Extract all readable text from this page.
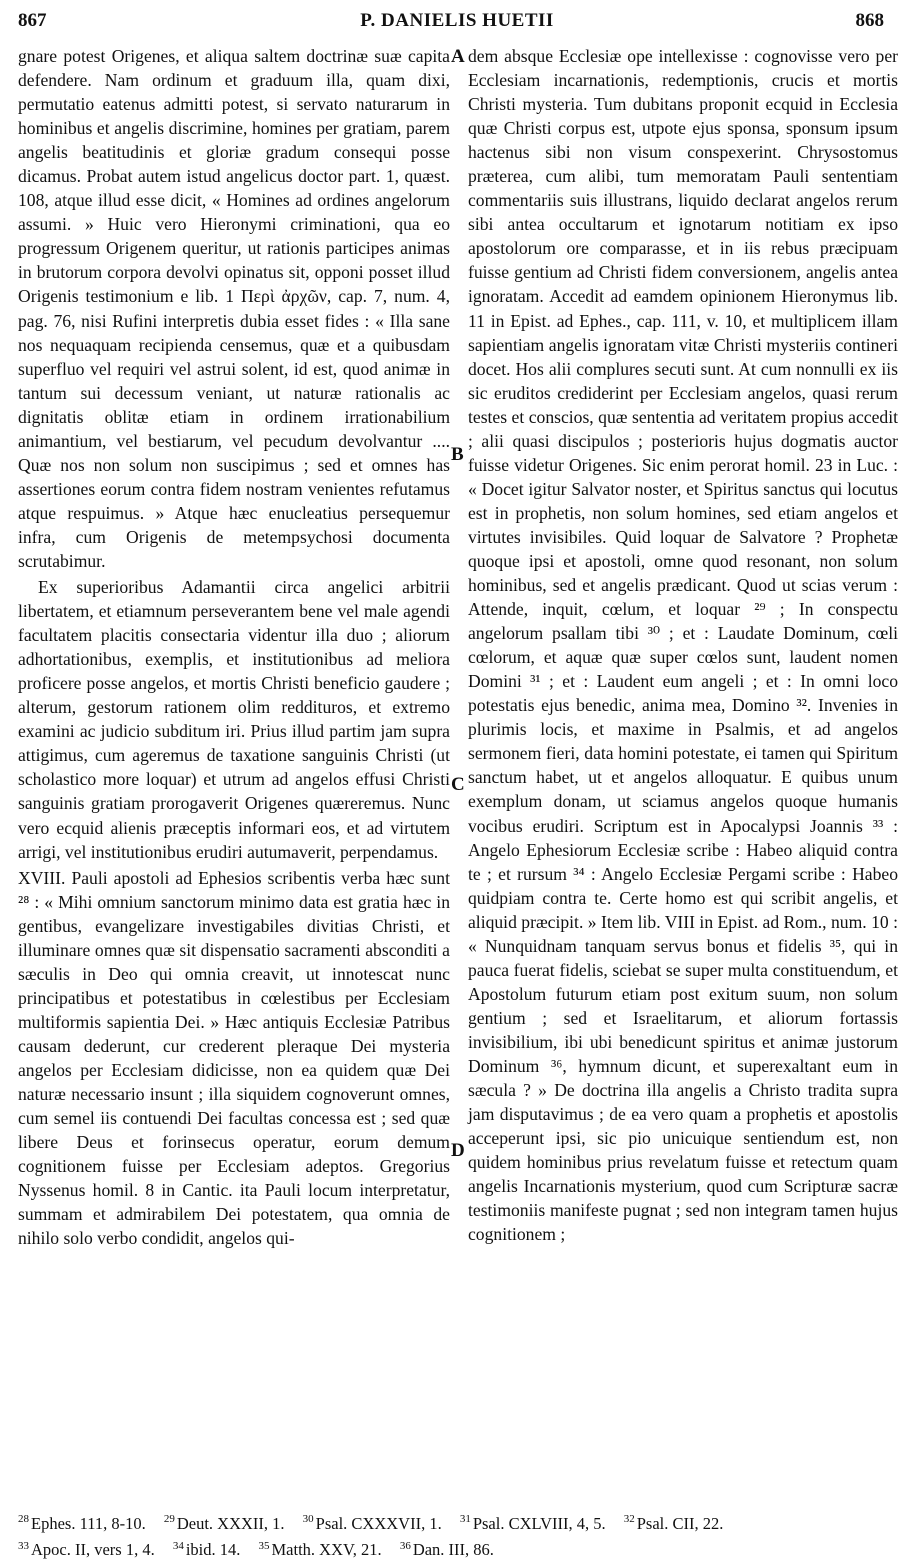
867	P. DANIELIS HUETII	868

gnare potest Origenes, et aliqua saltem doctrinæ suæ capita defendere. Nam ordinum et graduum illa, quam dixi, permutatio eatenus admitti potest, si servato naturarum in hominibus et angelis discrimine, homines per gratiam, parem angelis beatitudinis et gloriæ gradum consequi posse dicamus. Probat autem istud angelicus doctor part. 1, quæst. 108, atque illud esse dicit, « Homines ad ordines angelorum assumi. » Huic vero Hieronymi criminationi, qua eo progressum Origenem queritur, ut rationis participes animas in brutorum corpora devolvi opinatus sit, opponi posset illud Origenis testimonium e lib. 1 Περὶ ἀρχῶν, cap. 7, num. 4, pag. 76, nisi Rufini interpretis dubia esset fides : « Illa sane nos nequaquam recipienda censemus, quæ et a quibusdam superfluo vel requiri vel astrui solent, id est, quod animæ in tantum sui decessum veniant, ut naturæ rationalis ac dignitatis oblitæ etiam in ordinem irrationabilium animantium, vel bestiarum, vel pecudum devolvantur .... Quæ nos non solum non suscipimus ; sed et omnes has assertiones eorum contra fidem nostram venientes refutamus atque respuimus. » Atque hæc enucleatius persequemur infra, cum Origenis de metempsychosi documenta scrutabimur.

Ex superioribus Adamantii circa angelici arbitrii libertatem, et etiamnum perseverantem bene vel male agendi facultatem placitis consectaria videntur illa duo ; aliorum adhortationibus, exemplis, et institutionibus ad meliora proficere posse angelos, et mortis Christi beneficio gaudere ; alterum, gestorum rationem olim reddituros, et extremo examini ac judicio subditum iri. Prius illud partim jam supra attigimus, cum ageremus de taxatione sanguinis Christi (ut scholastico more loquar) et utrum ad angelos effusi Christi sanguinis gratiam prorogaverit Origenes quæreremus. Nunc vero ecquid alienis præceptis informari eos, et ad virtutem arrigi, vel institutionibus erudiri autumaverit, perpendamus.

XVIII. Pauli apostoli ad Ephesios scribentis verba hæc sunt ²⁸ : « Mihi omnium sanctorum minimo data est gratia hæc in gentibus, evangelizare investigabiles divitias Christi, et illuminare omnes quæ sit dispensatio sacramenti absconditi a sæculis in Deo qui omnia creavit, ut innotescat nunc principatibus et potestatibus in cœlestibus per Ecclesiam multiformis sapientia Dei. » Hæc antiquis Ecclesiæ Patribus causam dederunt, cur crederent pleraque Dei mysteria angelos per Ecclesiam didicisse, non ea quidem quæ Dei naturæ necessario insunt ; illa siquidem cognoverunt omnes, cum semel iis contuendi Dei facultas concessa est ; sed quæ libere Deus et forinsecus operatur, eorum demum cognitionem fuisse per Ecclesiam adeptos. Gregorius Nyssenus homil. 8 in Cantic. ita Pauli locum interpretatur, summam et admirabilem Dei potestatem, qua omnia de nihilo solo verbo condidit, angelos qui-

A
B
C
D

dem absque Ecclesiæ ope intellexisse : cognovisse vero per Ecclesiam incarnationis, redemptionis, crucis et mortis Christi mysteria. Tum dubitans proponit ecquid in Ecclesia quæ Christi corpus est, utpote ejus sponsa, sponsum ipsum hactenus sibi non visum conspexerint. Chrysostomus præterea, cum alibi, tum memoratam Pauli sententiam commentariis suis illustrans, liquido declarat angelos rerum sibi antea occultarum et ignotarum notitiam ex ipso apostolorum ore comparasse, et in iis rebus præcipuam fuisse gentium ad Christi fidem conversionem, angelis antea ignoratam. Accedit ad eamdem opinionem Hieronymus lib. 11 in Epist. ad Ephes., cap. 111, v. 10, et multiplicem illam sapientiam angelis ignoratam vitæ Christi mysteriis contineri docet. Hos alii complures secuti sunt. At cum nonnulli ex iis sic eruditos crediderint per Ecclesiam angelos, quasi rerum testes et conscios, quæ sententia ad veritatem propius accedit ; alii quasi discipulos ; posterioris hujus dogmatis auctor fuisse videtur Origenes. Sic enim perorat homil. 23 in Luc. : « Docet igitur Salvator noster, et Spiritus sanctus qui locutus est in prophetis, non solum homines, sed etiam angelos et virtutes invisibiles. Quid loquar de Salvatore ? Prophetæ quoque ipsi et apostoli, omne quod resonant, non solum hominibus, sed et angelis prædicant. Quod ut scias verum : Attende, inquit, cœlum, et loquar ²⁹ ; In conspectu angelorum psallam tibi ³⁰ ; et : Laudate Dominum, cœli cœlorum, et aquæ quæ super cœlos sunt, laudent nomen Domini ³¹ ; et : Laudent eum angeli ; et : In omni loco potestatis ejus benedic, anima mea, Domino ³². Invenies in plurimis locis, et maxime in Psalmis, et ad angelos sermonem fieri, data homini potestate, ei tamen qui Spiritum sanctum habet, ut et angelos alloquatur. E quibus unum exemplum donam, ut sciamus angelos quoque humanis vocibus erudiri. Scriptum est in Apocalypsi Joannis ³³ : Angelo Ephesiorum Ecclesiæ scribe : Habeo aliquid contra te ; et rursum ³⁴ : Angelo Ecclesiæ Pergami scribe : Habeo quidpiam contra te. Certe homo est qui scribit angelis, et aliquid præcipit. » Item lib. VIII in Epist. ad Rom., num. 10 : « Nunquidnam tanquam servus bonus et fidelis ³⁵, qui in pauca fuerat fidelis, sciebat se super multa constituendum, et Apostolum futurum etiam post exitum suum, non solum gentium ; sed et Israelitarum, et aliorum fortassis invisibilium, ibi ubi benedicunt spiritus et animæ justorum Dominum ³⁶, hymnum dicunt, et superexaltant eum in sæcula ? » De doctrina illa angelis a Christo tradita supra jam disputavimus ; de ea vero quam a prophetis et apostolis acceperunt ipsi, sic pio unicuique sentiendum est, non quidem hominibus prius revelatum fuisse et retectum quam angelis Incarnationis mysterium, quod cum Scripturæ sacræ testimoniis manifeste pugnat ; sed non integram tamen hujus cognitionem ;

$^{28}$ Ephes. 111, 8-10. $^{29}$ Deut. XXXII, 1. $^{30}$ Psal. CXXXVII, 1. $^{31}$ Psal. CXLVIII, 4, 5. $^{32}$ Psal. CII, 22.
$^{33}$ Apoc. II, vers 1, 4. $^{34}$ ibid. 14. $^{35}$ Matth. XXV, 21. $^{36}$ Dan. III, 86.
